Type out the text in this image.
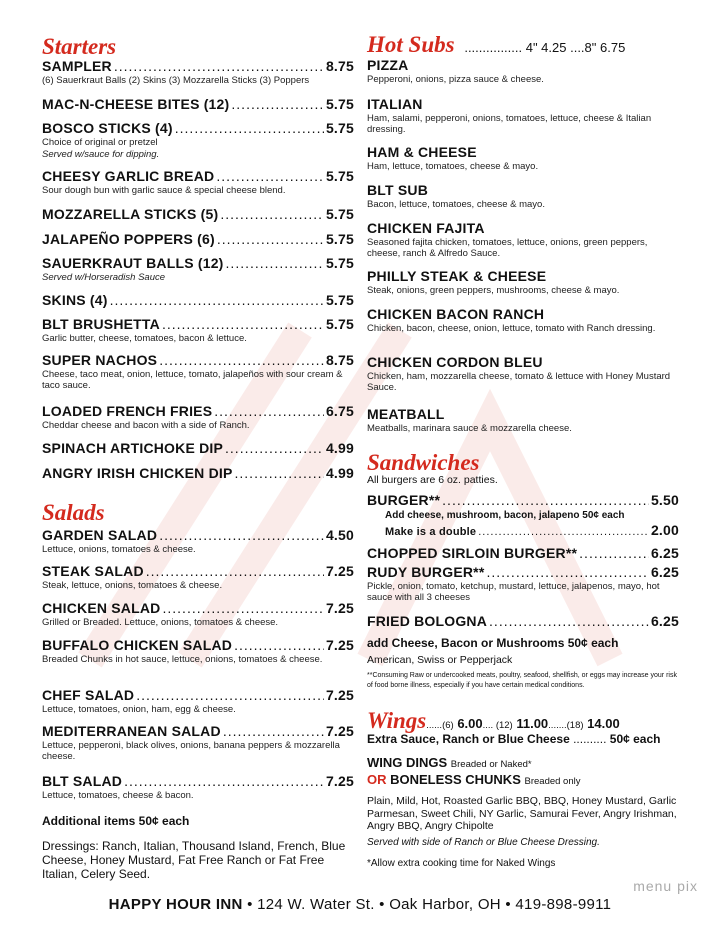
Starters
SAMPLER .....	8.75
(6) Sauerkraut Balls (2) Skins (3) Mozzarella Sticks (3) Poppers
MAC-N-CHEESE BITES (12) .....	5.75
BOSCO STICKS (4) .....	5.75
Choice of original or pretzel
Served w/sauce for dipping.
CHEESY GARLIC BREAD .....	5.75
Sour dough bun with garlic sauce & special cheese blend.
MOZZARELLA STICKS (5) .....	5.75
JALAPEÑO POPPERS (6) .....	5.75
SAUERKRAUT BALLS (12) .....	5.75
Served w/Horseradish Sauce
SKINS (4) .....	5.75
BLT BRUSHETTA .....	5.75
Garlic butter, cheese, tomatoes, bacon & lettuce.
SUPER NACHOS .....	8.75
Cheese, taco meat, onion, lettuce, tomato, jalapeños with sour cream & taco sauce.
LOADED FRENCH FRIES .....	6.75
Cheddar cheese and bacon with a side of Ranch.
SPINACH ARTICHOKE DIP .....	4.99
ANGRY IRISH CHICKEN DIP .....	4.99
Salads
GARDEN SALAD .....	4.50
Lettuce, onions, tomatoes & cheese.
STEAK SALAD .....	7.25
Steak, lettuce, onions, tomatoes & cheese.
CHICKEN SALAD .....	7.25
Grilled or Breaded. Lettuce, onions, tomatoes & cheese.
BUFFALO CHICKEN SALAD .....	7.25
Breaded Chunks in hot sauce, lettuce, onions, tomatoes & cheese.
CHEF SALAD .....	7.25
Lettuce, tomatoes, onion, ham, egg & cheese.
MEDITERRANEAN SALAD .....	7.25
Lettuce, pepperoni, black olives, onions, banana peppers & mozzarella cheese.
BLT SALAD .....	7.25
Lettuce, tomatoes, cheese & bacon.
Additional items 50¢ each
Dressings: Ranch, Italian, Thousand Island, French, Blue Cheese, Honey Mustard, Fat Free Ranch or Fat Free Italian, Celery Seed.
Hot Subs ................ 4" 4.25 ....8" 6.75
PIZZA
Pepperoni, onions, pizza sauce & cheese.
ITALIAN
Ham, salami, pepperoni, onions, tomatoes, lettuce, cheese & Italian dressing.
HAM & CHEESE
Ham, lettuce, tomatoes, cheese & mayo.
BLT SUB
Bacon, lettuce, tomatoes, cheese & mayo.
CHICKEN FAJITA
Seasoned fajita chicken, tomatoes, lettuce, onions, green peppers, cheese, ranch & Alfredo Sauce.
PHILLY STEAK & CHEESE
Steak, onions, green peppers, mushrooms, cheese & mayo.
CHICKEN BACON RANCH
Chicken, bacon, cheese, onion, lettuce, tomato with Ranch dressing.
CHICKEN CORDON BLEU
Chicken, ham, mozzarella cheese, tomato & lettuce with Honey Mustard Sauce.
MEATBALL
Meatballs, marinara sauce & mozzarella cheese.
Sandwiches
All burgers are 6 oz. patties.
BURGER** .....	5.50
Add cheese, mushroom, bacon, jalapeno 50¢ each
Make is a double .....	2.00
CHOPPED SIRLOIN BURGER** .....	6.25
RUDY BURGER** .....	6.25
Pickle, onion, tomato, ketchup, mustard, lettuce, jalapenos, mayo, hot sauce with all 3 cheeses
FRIED BOLOGNA .....	6.25
add Cheese, Bacon or Mushrooms 50¢ each
American, Swiss or Pepperjack
**Consuming Raw or undercooked meats, poultry, seafood, shellfish, or eggs may increase your risk of food borne illness, especially if you have certain medical conditions.
Wings......(6) 6.00.... (12) 11.00.......(18) 14.00
Extra Sauce, Ranch or Blue Cheese .......... 50¢ each
WING DINGS Breaded or Naked*
OR BONELESS CHUNKS Breaded only
Plain, Mild, Hot, Roasted Garlic BBQ, BBQ, Honey Mustard, Garlic Parmesan, Sweet Chili, NY Garlic, Samurai Fever, Angry Irishman, Angry BBQ, Angry Chipolte
Served with side of Ranch or Blue Cheese Dressing.
*Allow extra cooking time for Naked Wings
menu pix
HAPPY HOUR INN • 124 W. Water St. • Oak Harbor, OH • 419-898-9911
